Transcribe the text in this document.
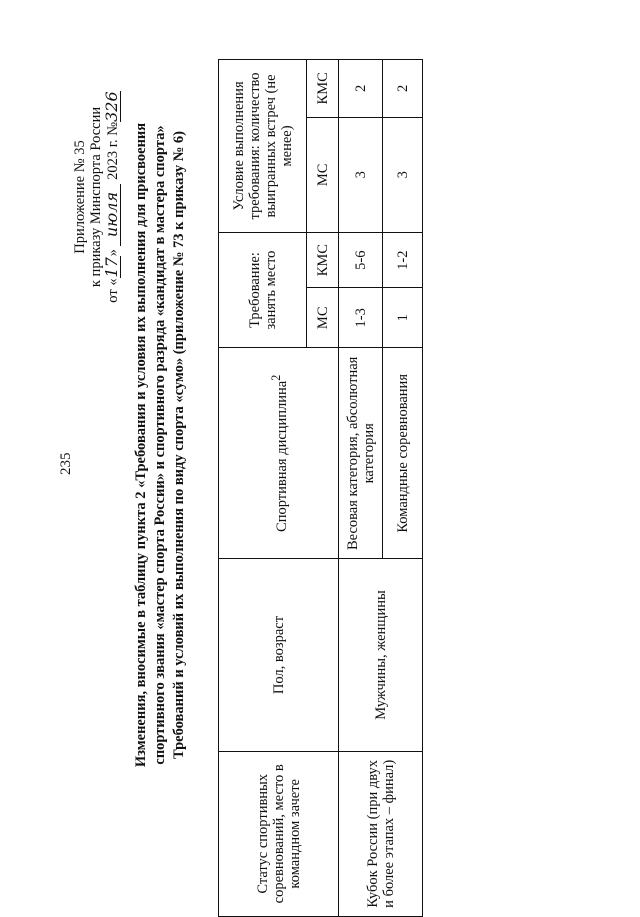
235
Приложение № 35 к приказу Минспорта России
от «17» июля 2023 г. №326
Изменения, вносимые в таблицу пункта 2 «Требования и условия их выполнения для присвоения спортивного звания «мастер спорта России» и спортивного разряда «кандидат в мастера спорта» Требований и условий их выполнения по виду спорта «сумо» (приложение № 73 к приказу № 6)
Статус спортивных соревнований, место в командном зачете	Пол, возраст	Спортивная дисциплина$^2$	Требование: занять место		Условие выполнения требования: количество выигранных встреч (не менее)	
			МС	КМС	МС	КМС
Кубок России (при двух и более этапах – финал)	Мужчины, женщины	Весовая категория, абсолютная категория	1-3	5-6	3	2
		Командные соревнования	1	1-2	3	2
